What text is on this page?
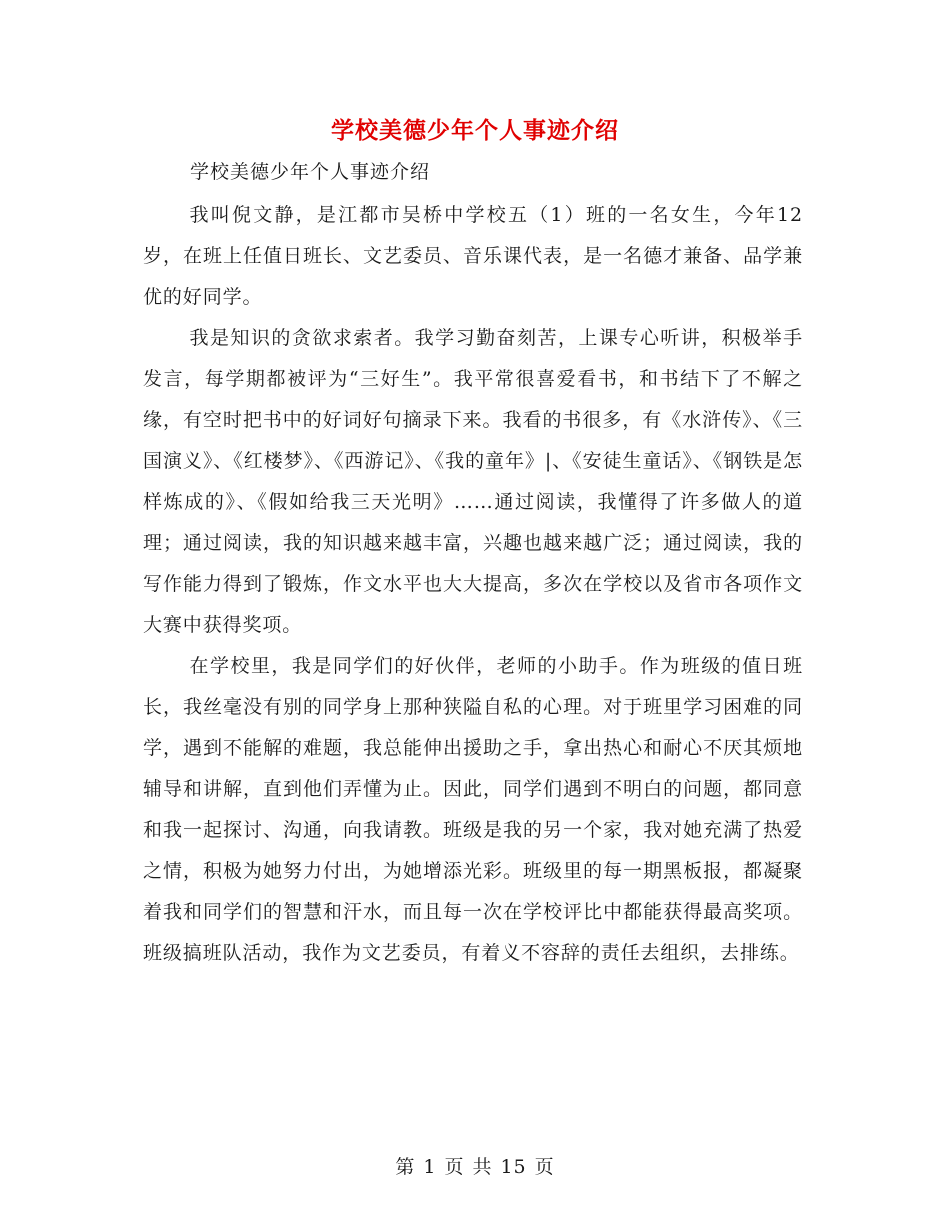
学校美德少年个人事迹介绍

学校美德少年个人事迹介绍

我叫倪文静，是江都市吴桥中学校五（1）班的一名女生，今年12岁，在班上任值日班长、文艺委员、音乐课代表，是一名德才兼备、品学兼优的好同学。

我是知识的贪欲求索者。我学习勤奋刻苦，上课专心听讲，积极举手发言，每学期都被评为“三好生”。我平常很喜爱看书，和书结下了不解之缘，有空时把书中的好词好句摘录下来。我看的书很多，有《水浒传》、《三国演义》、《红楼梦》、《西游记》、《我的童年》|、《安徒生童话》、《钢铁是怎样炼成的》、《假如给我三天光明》……通过阅读，我懂得了许多做人的道理；通过阅读，我的知识越来越丰富，兴趣也越来越广泛；通过阅读，我的写作能力得到了锻炼，作文水平也大大提高，多次在学校以及省市各项作文大赛中获得奖项。

在学校里，我是同学们的好伙伴，老师的小助手。作为班级的值日班长，我丝毫没有别的同学身上那种狭隘自私的心理。对于班里学习困难的同学，遇到不能解的难题，我总能伸出援助之手，拿出热心和耐心不厌其烦地辅导和讲解，直到他们弄懂为止。因此，同学们遇到不明白的问题，都同意和我一起探讨、沟通，向我请教。班级是我的另一个家，我对她充满了热爱之情，积极为她努力付出，为她增添光彩。班级里的每一期黑板报，都凝聚着我和同学们的智慧和汗水，而且每一次在学校评比中都能获得最高奖项。班级搞班队活动，我作为文艺委员，有着义不容辞的责任去组织，去排练。

第 1 页 共 15 页
